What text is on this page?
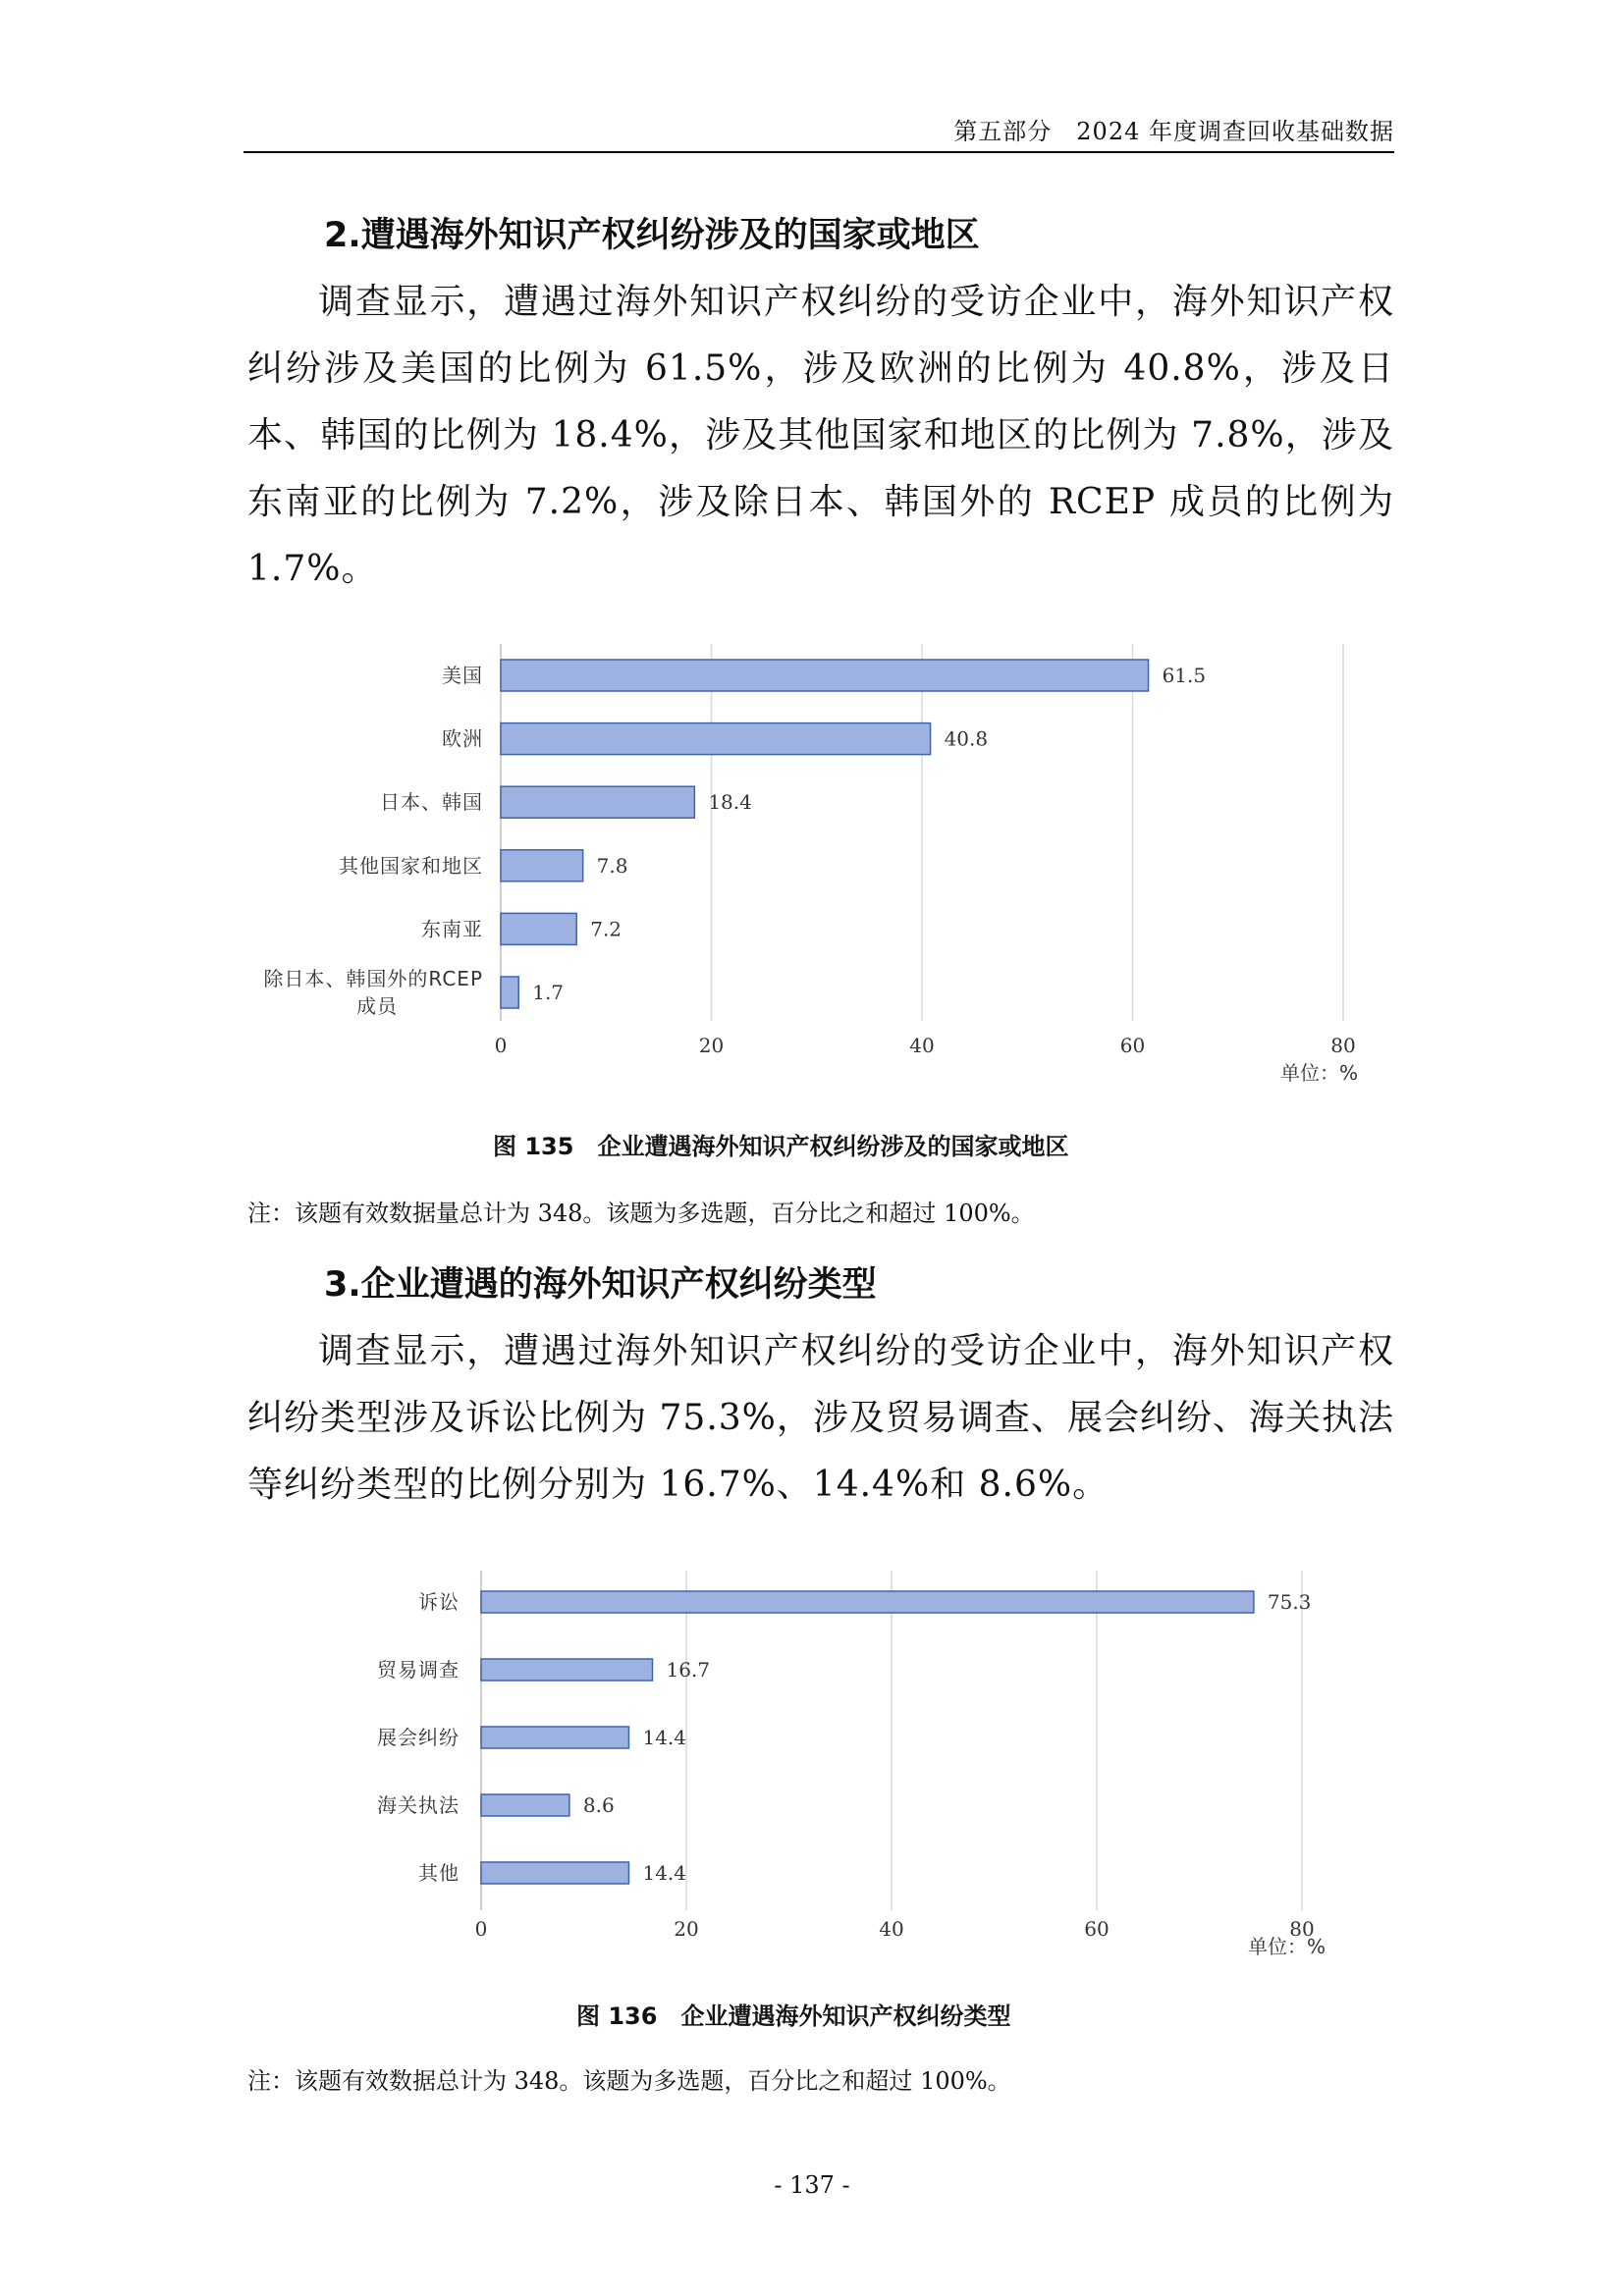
第五部分　2024 年度调查回收基础数据
2.遭遇海外知识产权纠纷涉及的国家或地区

调查显示，遭遇过海外知识产权纠纷的受访企业中，海外知识产权纠纷涉及美国的比例为 61.5%，涉及欧洲的比例为 40.8%，涉及日本、韩国的比例为 18.4%，涉及其他国家和地区的比例为 7.8%，涉及东南亚的比例为 7.2%，涉及除日本、韩国外的 RCEP 成员的比例为 1.7%。

0	20	40	60	80
单位：%
61.5
美国
40.8
欧洲
18.4
日本、韩国
7.8
其他国家和地区
7.2
东南亚
1.7
除日本、韩国外的RCEP
成员
图 135　企业遭遇海外知识产权纠纷涉及的国家或地区
注：该题有效数据量总计为 348。该题为多选题，百分比之和超过 100%。
3.企业遭遇的海外知识产权纠纷类型

调查显示，遭遇过海外知识产权纠纷的受访企业中，海外知识产权纠纷类型涉及诉讼比例为 75.3%，涉及贸易调查、展会纠纷、海关执法等纠纷类型的比例分别为 16.7%、14.4%和 8.6%。

0	20	40	60	80
单位：%
75.3
诉讼
16.7
贸易调查
14.4
展会纠纷
8.6
海关执法
14.4
其他
图 136　企业遭遇海外知识产权纠纷类型
注：该题有效数据总计为 348。该题为多选题，百分比之和超过 100%。
- 137 -
